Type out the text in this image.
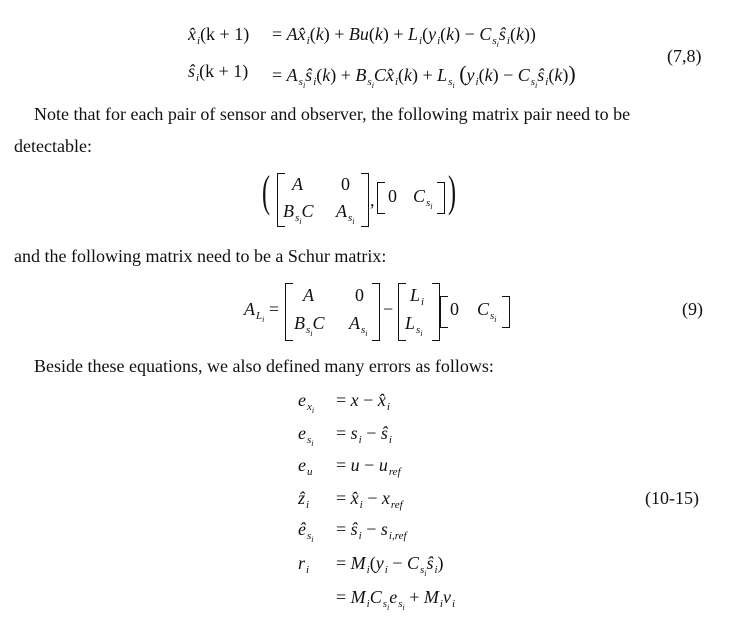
$x̂_i(k + 1)$ = $Ax̂_i(k) + Bu(k) + L_i(y_i(k)$ − $C_{s_i}ŝ_i(k)$)
$ŝ_i(k + 1)$ = $A_{s_i}ŝ_i(k)$ + $B_{s_i}Cx̂_i(k) + L_{s_i}$ ($y_i(k)$ − $C_{s_i}ŝ_i(k)$)
(7,8)
Note that for each pair of sensor and observer, the following matrix pair need to be
detectable:
( A 0
$B_{s_i}C$ $A_{s_i}$
, 0 $C_{s_i}$ )
and the following matrix need to be a Schur matrix:
$A_{L_i}$ =
A 0
$B_{s_i}C$ $A_{s_i}$
−
$L_i$
$L_{s_i}$
0 $C_{s_i}$
(9)
Beside these equations, we also defined many errors as follows:
$e_{x_i}$
= $x - x̂_i$
$e_{s_i}$
= $s_i$ − $ŝ_i$
$e_u = u - u_{ref}$
ẑ$_i$ = $x̂_i - x_{ref}$
$ê_{s_i}$
= $ŝ_i - s_{i,ref}$
$r_i = M_i(y_i$ − $C_{s_i}ŝ_i$)
= $M_iC_{s_i}e_{s_i} + M_iv_i$
(10-15)
